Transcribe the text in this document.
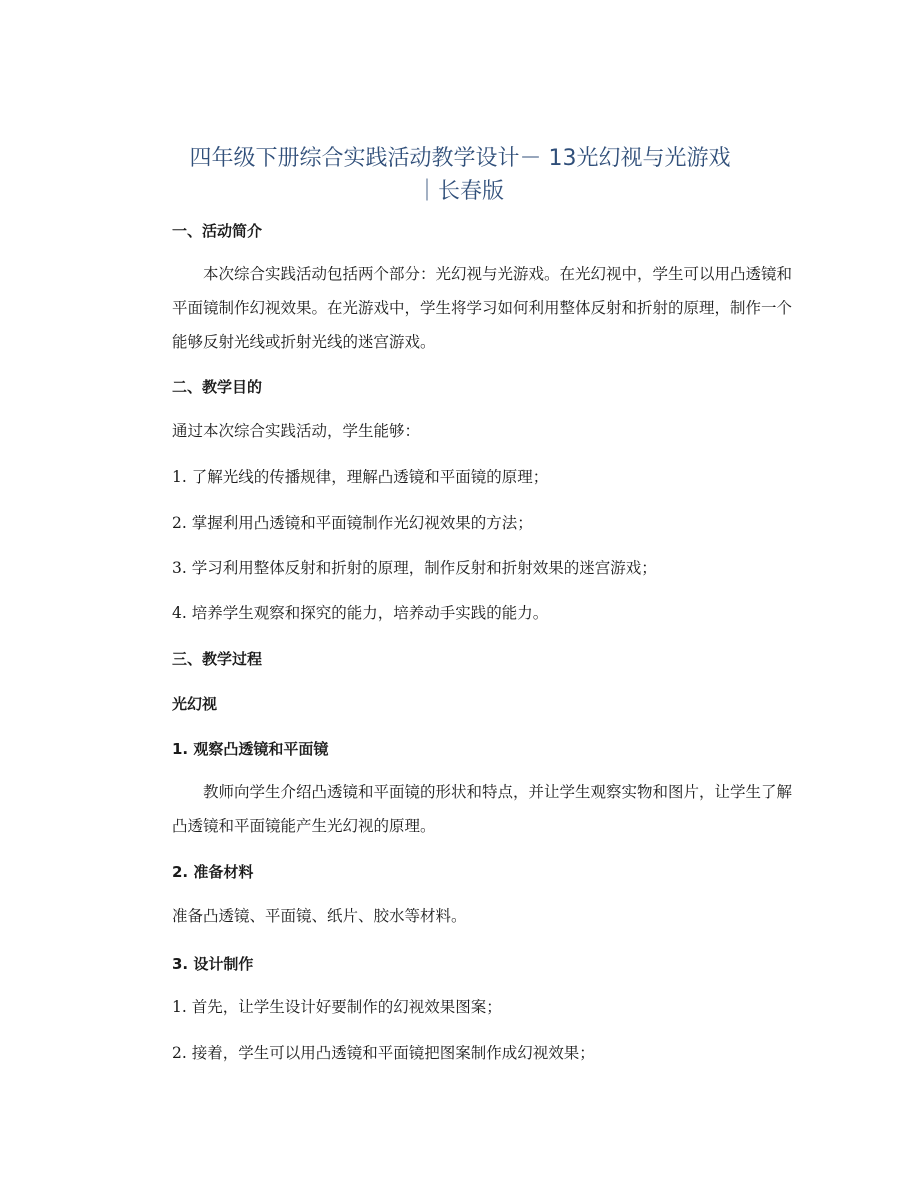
四年级下册综合实践活动教学设计－ 13光幻视与光游戏
｜长春版
一、活动简介

本次综合实践活动包括两个部分：光幻视与光游戏。在光幻视中，学生可以用凸透镜和平面镜制作幻视效果。在光游戏中，学生将学习如何利用整体反射和折射的原理，制作一个能够反射光线或折射光线的迷宫游戏。

二、教学目的

通过本次综合实践活动，学生能够：

1. 了解光线的传播规律，理解凸透镜和平面镜的原理；

2. 掌握利用凸透镜和平面镜制作光幻视效果的方法；

3. 学习利用整体反射和折射的原理，制作反射和折射效果的迷宫游戏；

4. 培养学生观察和探究的能力，培养动手实践的能力。

三、教学过程
光幻视
1. 观察凸透镜和平面镜

教师向学生介绍凸透镜和平面镜的形状和特点，并让学生观察实物和图片，让学生了解凸透镜和平面镜能产生光幻视的原理。

2. 准备材料

准备凸透镜、平面镜、纸片、胶水等材料。

3. 设计制作

1. 首先，让学生设计好要制作的幻视效果图案；

2. 接着，学生可以用凸透镜和平面镜把图案制作成幻视效果；
